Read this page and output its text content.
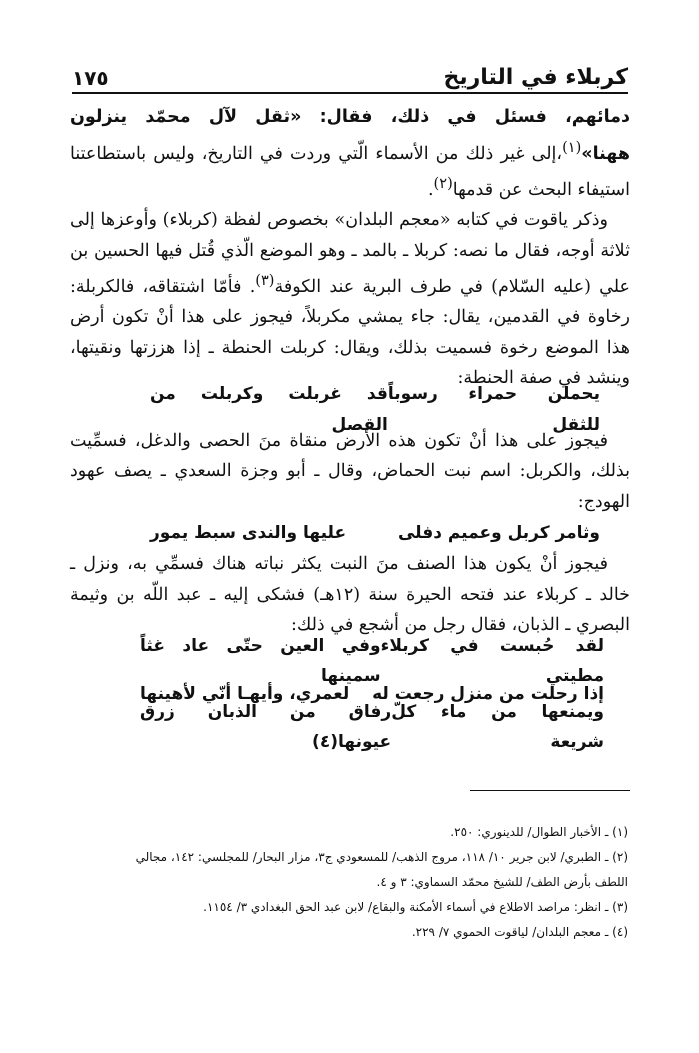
كربلاء في التاريخ
١٧٥

دمائهم، فسئل في ذلك، فقال: «ثقل لآل محمّد ينزلون ههنا»$^{(١)}$،إلى غير ذلك من الأسماء الّتي وردت في التاريخ، وليس باستطاعتنا استيفاء البحث عن قدمها$^{(٢)}$.

وذكر ياقوت في كتابه «معجم البلدان» بخصوص لفظة (كربلاء) وأوعزها إلى ثلاثة أوجه، فقال ما نصه: كربلا ـ بالمد ـ وهو الموضع الّذي قُتل فيها الحسين بن علي (عليه السّلام) في طرف البرية عند الكوفة$^{(٣)}$. فأمّا اشتقاقه، فالكربلة: رخاوة في القدمين، يقال: جاء يمشي مكربلاً، فيجوز على هذا أنْ تكون أرض هذا الموضع رخوة فسميت بذلك، ويقال: كربلت الحنطة ـ إذا هززتها ونقيتها، وينشد في صفة الحنطة:

يحملن حمراء رسوباً للثقل
قد غربلت وكربلت من القصل

فيجوز على هذا أنْ تكون هذه الأرض منقاة منَ الحصى والدغل، فسمِّيت بذلك، والكربل: اسم نبت الحماض، وقال ـ أبو وجزة السعدي ـ يصف عهود الهودج:

وثامر كربل وعميم دفلى
عليها والندى سبط يمور

فيجوز أنْ يكون هذا الصنف منَ النبت يكثر نباته هناك فسمِّي به، ونزل ـ خالد ـ كربلاء عند فتحه الحيرة سنة (١٢هـ) فشكى إليه ـ عبد اللّه بن وثيمة البصري ـ الذبان، فقال رجل من أشجع في ذلك:

لقد حُبست في كربلاء مطيتي
وفي العين حتّى عاد غثاً سمينها
إذا رحلت من منزل رجعت له
لعمري، وأيهـا أنّي لأهينها
ويمنعها من ماء كلّ شريعة
رفاق من الذبان زرق عيونها(٤)

(١) ـ الأخبار الطوال/ للدينوري: ٢٥٠.

(٢) ـ الطبري/ لابن جرير ١٠/ ١١٨، مروج الذهب/ للمسعودي ج٣، مزار البحار/ للمجلسي: ١٤٢، مجالي

اللطف بأرض الطف/ للشيخ محمّد السماوي: ٣ و ٤.

(٣) ـ انظر: مراصد الاطلاع في أسماء الأمكنة والبقاع/ لابن عبد الحق البغدادي ٣/ ١١٥٤.

(٤) ـ معجم البلدان/ لياقوت الحموي ٧/ ٢٢٩.
